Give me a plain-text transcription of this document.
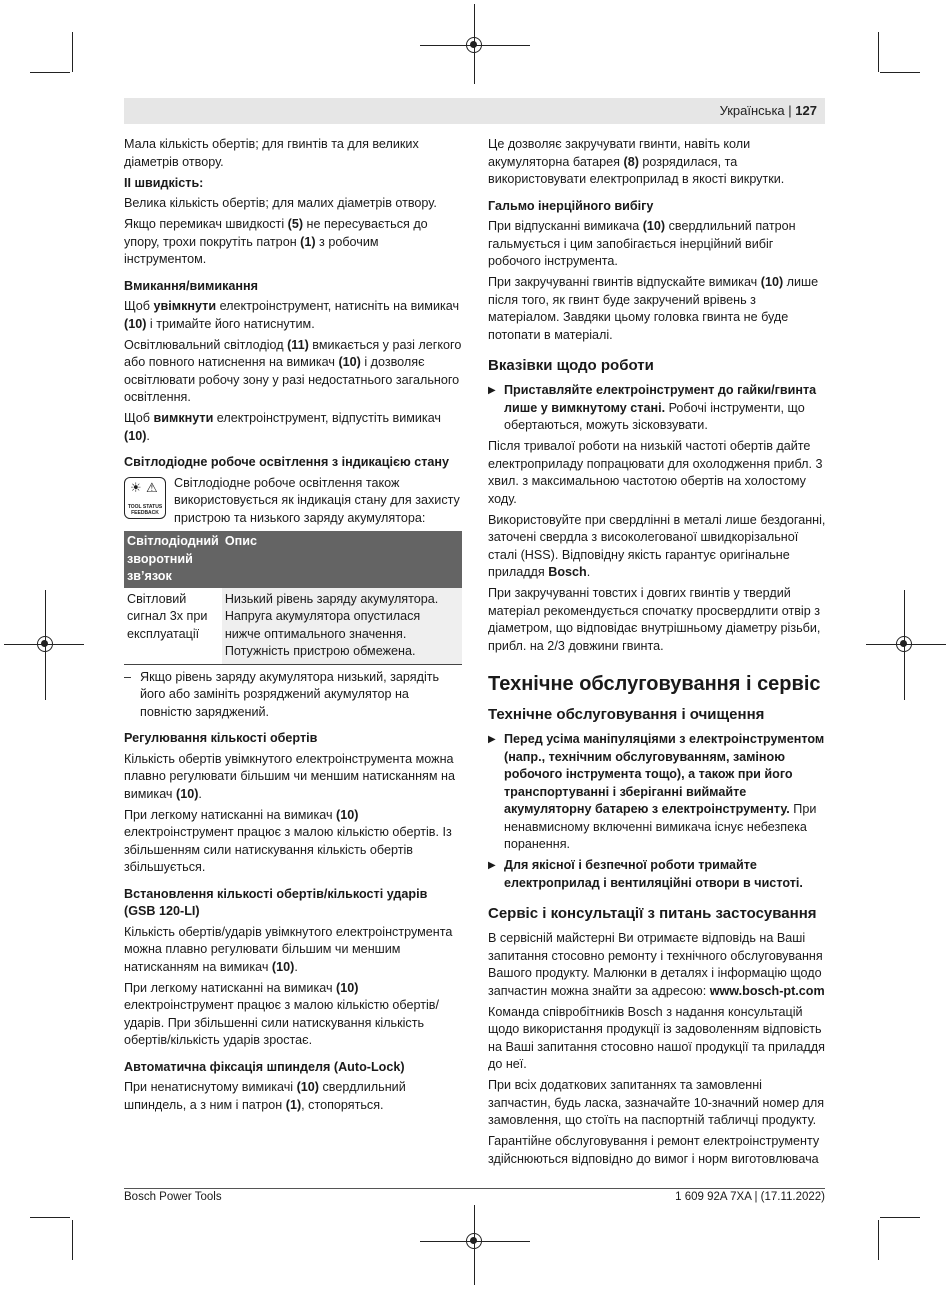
Українська | 127

Мала кількість обертів; для гвинтів та для великих діаметрів отвору.

II швидкість:

Велика кількість обертів; для малих діаметрів отвору.

Якщо перемикач швидкості (5) не пересувається до упору, трохи покрутіть патрон (1) з робочим інструментом.

Вмикання/вимикання

Щоб увімкнути електроінструмент, натисніть на вимикач (10) і тримайте його натиснутим.

Освітлювальний світлодіод (11) вмикається у разі легкого або повного натиснення на вимикач (10) і дозволяє освітлювати робочу зону у разі недостатнього загального освітлення.

Щоб вимкнути електроінструмент, відпустіть вимикач (10).

Світлодіодне робоче освітлення з індикацією стану
☀ ⚠
TOOL STATUS FEEDBACK
Світлодіодне робоче освітлення також використовується як індикація стану для захисту пристрою та низького заряду акумулятора:
Світлодіодний зворотний зв’язок	Опис
Світловий сигнал 3x при експлуатації	Низький рівень заряду акумулятора. Напруга акумулятора опустилася нижче оптимального значення. Потужність пристрою обмежена.
– Якщо рівень заряду акумулятора низький, зарядіть його або замініть розряджений акумулятор на повністю заряджений.
Регулювання кількості обертів

Кількість обертів увімкнутого електроінструмента можна плавно регулювати більшим чи меншим натисканням на вимикач (10).

При легкому натисканні на вимикач (10) електроінструмент працює з малою кількістю обертів. Із збільшенням сили натискування кількість обертів збільшується.

Встановлення кількості обертів/кількості ударів (GSB 120-LI)

Кількість обертів/ударів увімкнутого електроінструмента можна плавно регулювати більшим чи меншим натисканням на вимикач (10).

При легкому натисканні на вимикач (10) електроінструмент працює з малою кількістю обертів/ударів. При збільшенні сили натискування кількість обертів/кількість ударів зростає.

Автоматична фіксація шпинделя (Auto-Lock)

При ненатиснутому вимикачі (10) свердлильний шпиндель, а з ним і патрон (1), стопоряться.

Це дозволяє закручувати гвинти, навіть коли акумуляторна батарея (8) розрядилася, та використовувати електроприлад в якості викрутки.

Гальмо інерційного вибігу

При відпусканні вимикача (10) свердлильний патрон гальмується і цим запобігається інерційний вибіг робочого інструмента.

При закручуванні гвинтів відпускайте вимикач (10) лише після того, як гвинт буде закручений врівень з матеріалом. Завдяки цьому головка гвинта не буде потопати в матеріалі.

Вказівки щодо роботи
▶ Приставляйте електроінструмент до гайки/гвинта лише у вимкнутому стані. Робочі інструменти, що обертаються, можуть зісковзувати.

Після тривалої роботи на низькій частоті обертів дайте електроприладу попрацювати для охолодження прибл. 3 хвил. з максимальною частотою обертів на холостому ходу.

Використовуйте при свердлінні в металі лише бездоганні, заточені свердла з високолегованої швидкорізальної сталі (HSS). Відповідну якість гарантує оригінальне приладдя Bosch.

При закручуванні товстих і довгих гвинтів у твердий матеріал рекомендується спочатку просвердлити отвір з діаметром, що відповідає внутрішньому діаметру різьби, прибл. на 2/3 довжини гвинта.

Технічне обслуговування і сервіс
Технічне обслуговування і очищення
▶ Перед усіма маніпуляціями з електроінструментом (напр., технічним обслуговуванням, заміною робочого інструмента тощо), а також при його транспортуванні і зберіганні виймайте акумуляторну батарею з електроінструменту. При ненавмисному включенні вимикача існує небезпека поранення.
▶ Для якісної і безпечної роботи тримайте електроприлад і вентиляційні отвори в чистоті.
Сервіс і консультації з питань застосування

В сервісній майстерні Ви отримаєте відповідь на Ваші запитання стосовно ремонту і технічного обслуговування Вашого продукту. Малюнки в деталях і інформацію щодо запчастин можна знайти за адресою: www.bosch-pt.com

Команда співробітників Bosch з надання консультацій щодо використання продукції із задоволенням відповість на Ваші запитання стосовно нашої продукції та приладдя до неї.

При всіх додаткових запитаннях та замовленні запчастин, будь ласка, зазначайте 10-значний номер для замовлення, що стоїть на паспортній табличці продукту.

Гарантійне обслуговування і ремонт електроінструменту здійснюються відповідно до вимог і норм виготовлювача

Bosch Power Tools	1 609 92A 7XA | (17.11.2022)
